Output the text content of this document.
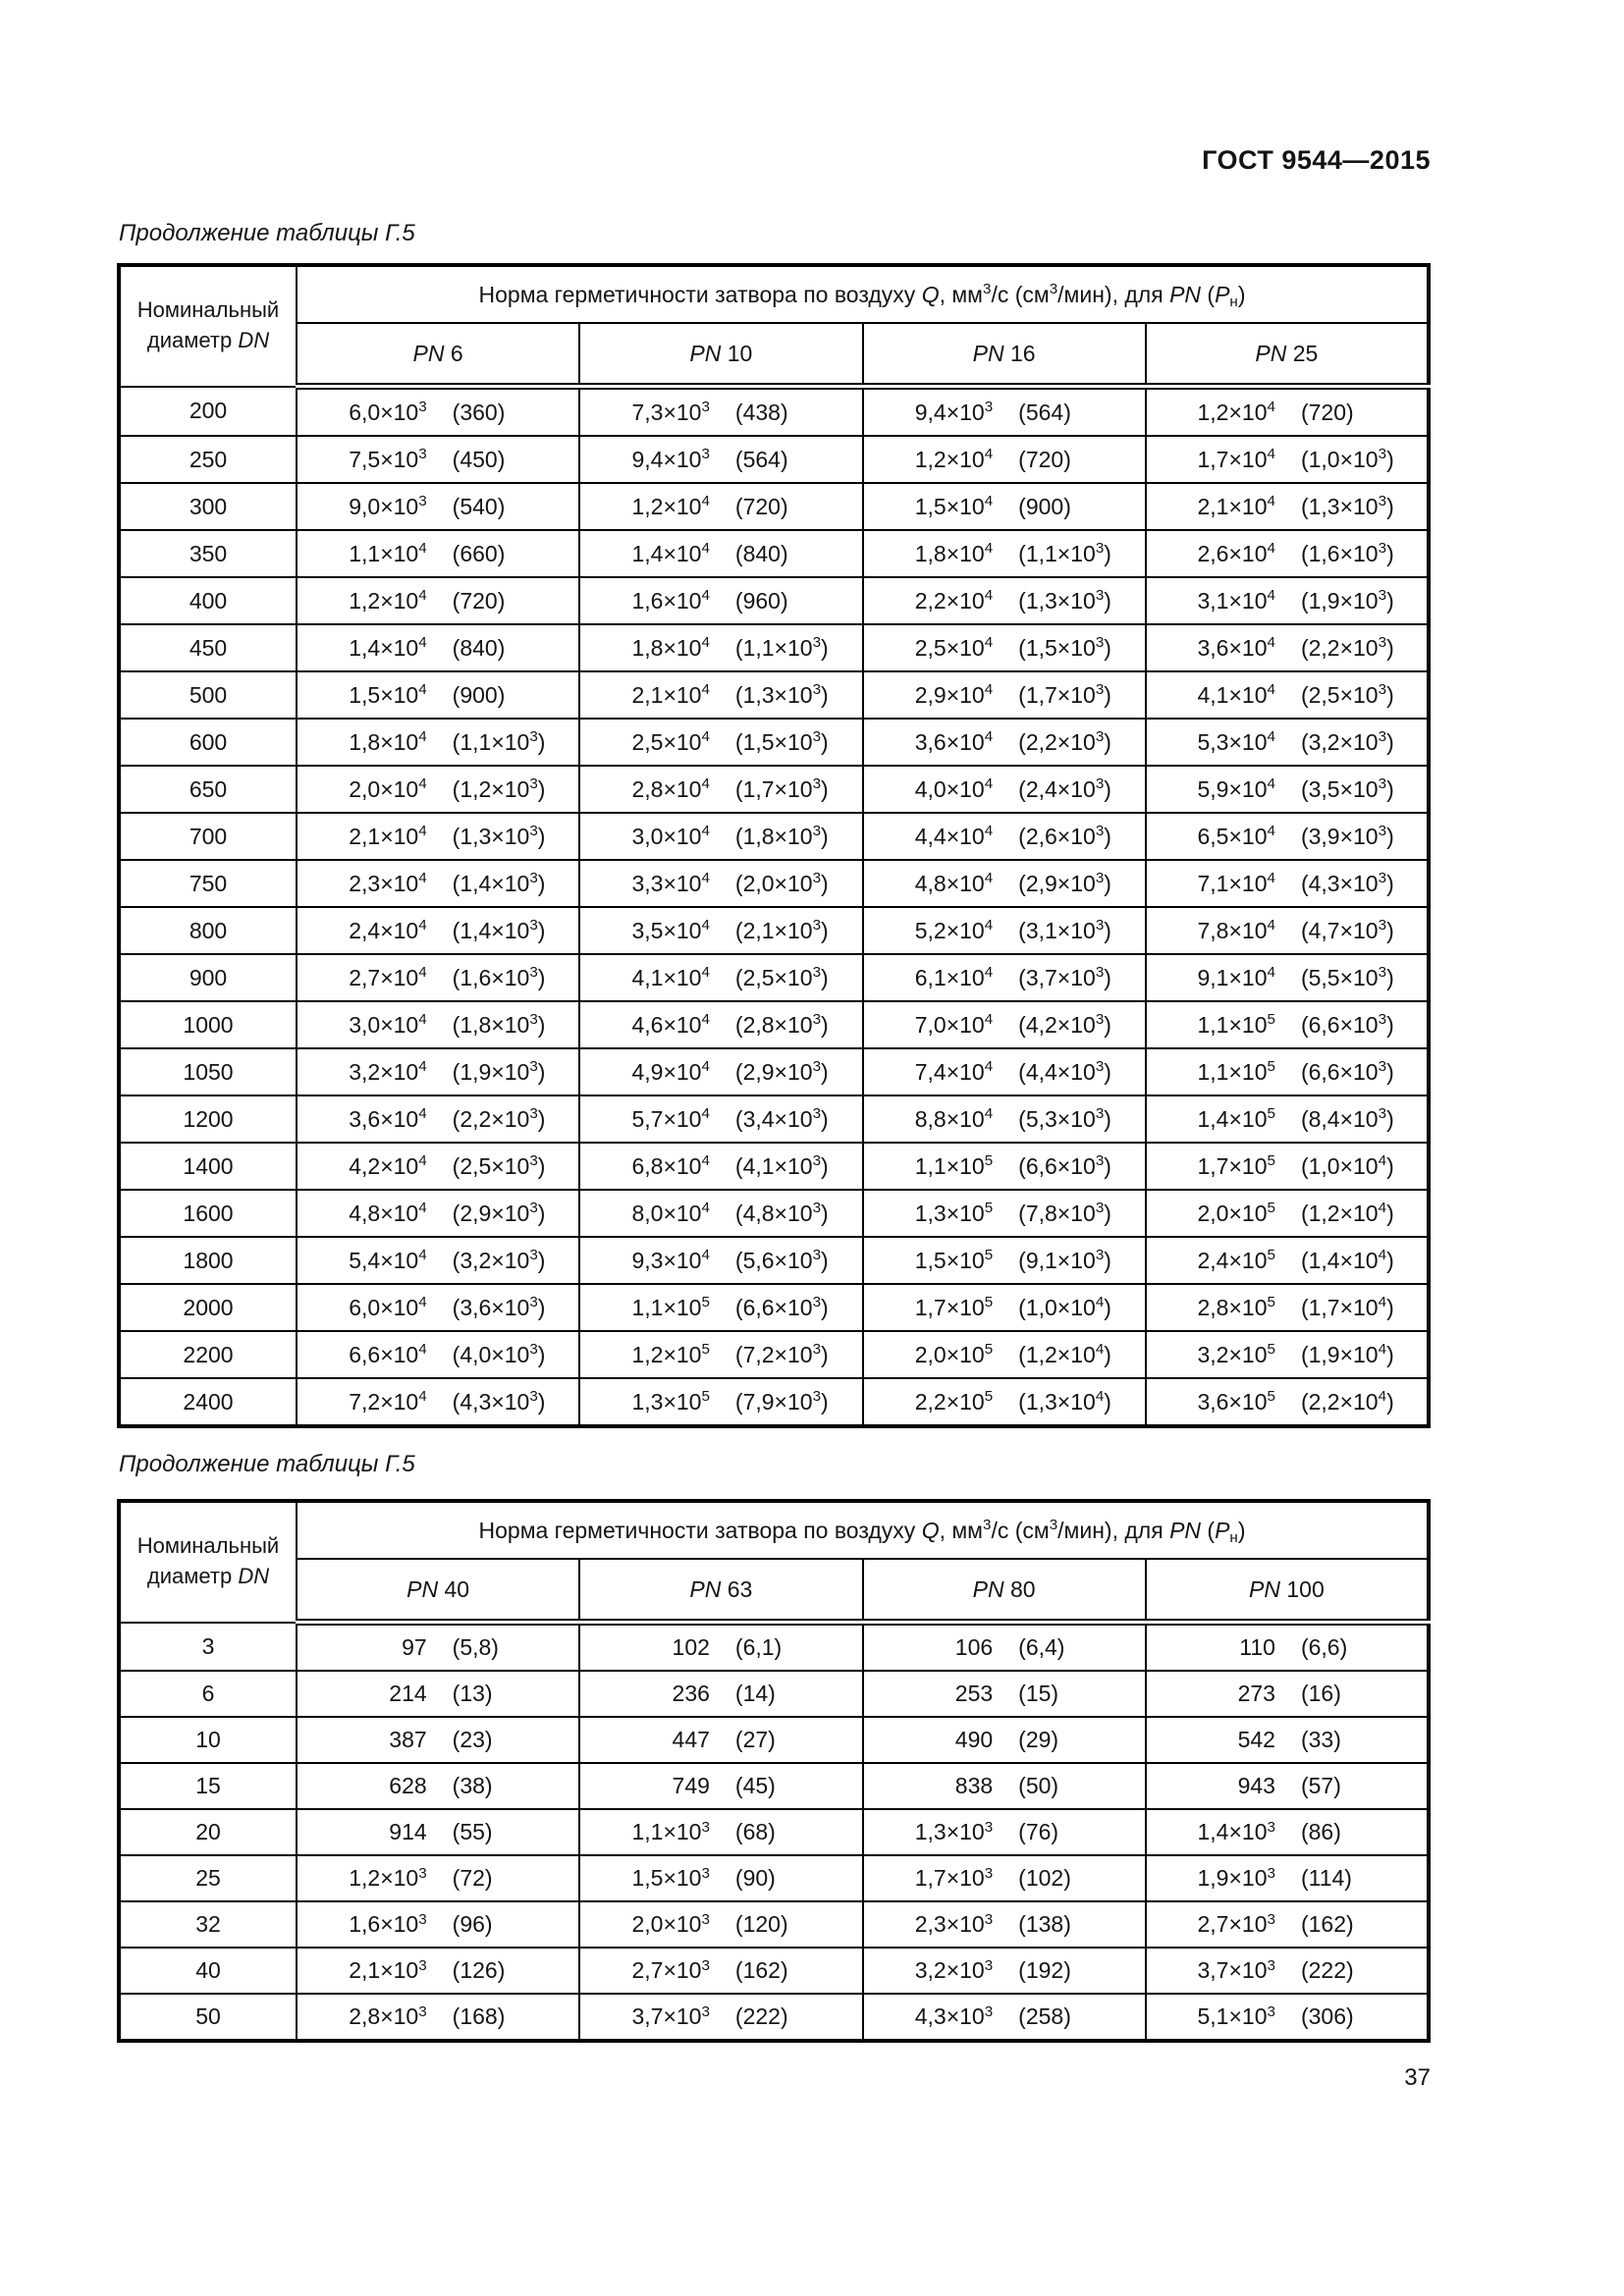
ГОСТ 9544—2015
Продолжение таблицы Г.5
Номинальный диаметр DN	Норма герметичности затвора по воздуху Q, $мм^3/с$ $(см^3/мин)$, для PN $(P_н)$			
	PN 6	PN 10	PN 16	PN 25
200	$6,0\times 10^3$ (360)	$7,3\times 10^3$ (438)	$9,4\times 10^3$ (564)	$1,2\times 10^4$ (720)

250	$7,5\times 10^3$ (450)	$9,4\times 10^3$ (564)	$1,2\times 10^4$ (720)	$1,7\times 10^4$ $(1,0\times 10^3)$

300	$9,0\times 10^3$ (540)	$1,2\times 10^4$ (720)	$1,5\times 10^4$ (900)	$2,1\times 10^4$ $(1,3\times 10^3)$

350	$1,1\times 10^4$ (660)	$1,4\times 10^4$ (840)	$1,8\times 10^4$ $(1,1\times 10^3)$	$2,6\times 10^4$ $(1,6\times 10^3)$

400	$1,2\times 10^4$ (720)	$1,6\times 10^4$ (960)	$2,2\times 10^4$ $(1,3\times 10^3)$	$3,1\times 10^4$ $(1,9\times 10^3)$

450	$1,4\times 10^4$ (840)	$1,8\times 10^4$ $(1,1\times 10^3)$	$2,5\times 10^4$ $(1,5\times 10^3)$	$3,6\times 10^4$ $(2,2\times 10^3)$

500	$1,5\times 10^4$ (900)	$2,1\times 10^4$ $(1,3\times 10^3)$	$2,9\times 10^4$ $(1,7\times 10^3)$	$4,1\times 10^4$ $(2,5\times 10^3)$

600	$1,8\times 10^4$ $(1,1\times 10^3)$	$2,5\times 10^4$ $(1,5\times 10^3)$	$3,6\times 10^4$ $(2,2\times 10^3)$	$5,3\times 10^4$ $(3,2\times 10^3)$

650	$2,0\times 10^4$ $(1,2\times 10^3)$	$2,8\times 10^4$ $(1,7\times 10^3)$	$4,0\times 10^4$ $(2,4\times 10^3)$	$5,9\times 10^4$ $(3,5\times 10^3)$

700	$2,1\times 10^4$ $(1,3\times 10^3)$	$3,0\times 10^4$ $(1,8\times 10^3)$	$4,4\times 10^4$ $(2,6\times 10^3)$	$6,5\times 10^4$ $(3,9\times 10^3)$

750	$2,3\times 10^4$ $(1,4\times 10^3)$	$3,3\times 10^4$ $(2,0\times 10^3)$	$4,8\times 10^4$ $(2,9\times 10^3)$	$7,1\times 10^4$ $(4,3\times 10^3)$

800	$2,4\times 10^4$ $(1,4\times 10^3)$	$3,5\times 10^4$ $(2,1\times 10^3)$	$5,2\times 10^4$ $(3,1\times 10^3)$	$7,8\times 10^4$ $(4,7\times 10^3)$

900	$2,7\times 10^4$ $(1,6\times 10^3)$	$4,1\times 10^4$ $(2,5\times 10^3)$	$6,1\times 10^4$ $(3,7\times 10^3)$	$9,1\times 10^4$ $(5,5\times 10^3)$

1000	$3,0\times 10^4$ $(1,8\times 10^3)$	$4,6\times 10^4$ $(2,8\times 10^3)$	$7,0\times 10^4$ $(4,2\times 10^3)$	$1,1\times 10^5$ $(6,6\times 10^3)$

1050	$3,2\times 10^4$ $(1,9\times 10^3)$	$4,9\times 10^4$ $(2,9\times 10^3)$	$7,4\times 10^4$ $(4,4\times 10^3)$	$1,1\times 10^5$ $(6,6\times 10^3)$

1200	$3,6\times 10^4$ $(2,2\times 10^3)$	$5,7\times 10^4$ $(3,4\times 10^3)$	$8,8\times 10^4$ $(5,3\times 10^3)$	$1,4\times 10^5$ $(8,4\times 10^3)$

1400	$4,2\times 10^4$ $(2,5\times 10^3)$	$6,8\times 10^4$ $(4,1\times 10^3)$	$1,1\times 10^5$ $(6,6\times 10^3)$	$1,7\times 10^5$ $(1,0\times 10^4)$

1600	$4,8\times 10^4$ $(2,9\times 10^3)$	$8,0\times 10^4$ $(4,8\times 10^3)$	$1,3\times 10^5$ $(7,8\times 10^3)$	$2,0\times 10^5$ $(1,2\times 10^4)$

1800	$5,4\times 10^4$ $(3,2\times 10^3)$	$9,3\times 10^4$ $(5,6\times 10^3)$	$1,5\times 10^5$ $(9,1\times 10^3)$	$2,4\times 10^5$ $(1,4\times 10^4)$

2000	$6,0\times 10^4$ $(3,6\times 10^3)$	$1,1\times 10^5$ $(6,6\times 10^3)$	$1,7\times 10^5$ $(1,0\times 10^4)$	$2,8\times 10^5$ $(1,7\times 10^4)$

2200	$6,6\times 10^4$ $(4,0\times 10^3)$	$1,2\times 10^5$ $(7,2\times 10^3)$	$2,0\times 10^5$ $(1,2\times 10^4)$	$3,2\times 10^5$ $(1,9\times 10^4)$

2400	$7,2\times 10^4$ $(4,3\times 10^3)$	$1,3\times 10^5$ $(7,9\times 10^3)$	$2,2\times 10^5$ $(1,3\times 10^4)$	$3,6\times 10^5$ $(2,2\times 10^4)$
Продолжение таблицы Г.5
Номинальный диаметр DN	Норма герметичности затвора по воздуху Q, $мм^3/с$ $(см^3/мин)$, для PN $(P_н)$			
	PN 40	PN 63	PN 80	PN 100
3	97 (5,8)	102 (6,1)	106 (6,4)	110 (6,6)

6	214 (13)	236 (14)	253 (15)	273 (16)

10	387 (23)	447 (27)	490 (29)	542 (33)

15	628 (38)	749 (45)	838 (50)	943 (57)

20	914 (55)	$1,1\times 10^3$ (68)	$1,3\times 10^3$ (76)	$1,4\times 10^3$ (86)

25	$1,2\times 10^3$ (72)	$1,5\times 10^3$ (90)	$1,7\times 10^3$ (102)	$1,9\times 10^3$ (114)

32	$1,6\times 10^3$ (96)	$2,0\times 10^3$ (120)	$2,3\times 10^3$ (138)	$2,7\times 10^3$ (162)

40	$2,1\times 10^3$ (126)	$2,7\times 10^3$ (162)	$3,2\times 10^3$ (192)	$3,7\times 10^3$ (222)

50	$2,8\times 10^3$ (168)	$3,7\times 10^3$ (222)	$4,3\times 10^3$ (258)	$5,1\times 10^3$ (306)
37
